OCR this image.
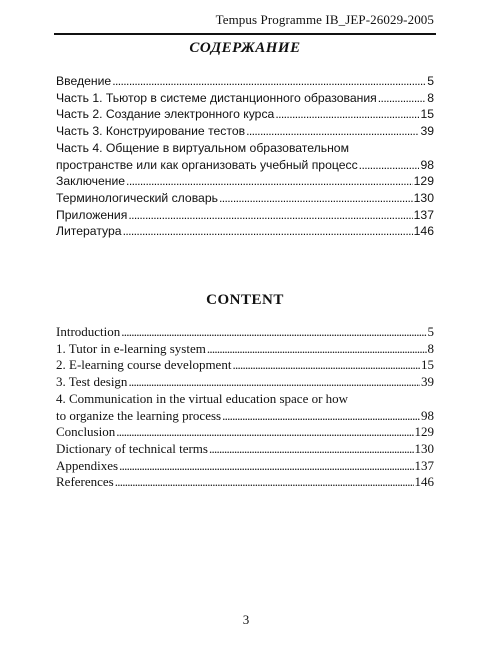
Tempus Programme IB_JEP-26029-2005
СОДЕРЖАНИЕ
Введение . . .	5
Часть 1. Тьютор в системе дистанционного образования . . .	8
Часть 2. Создание электронного курса . . .	15
Часть 3. Конструирование тестов . . .	39
Часть 4. Общение в виртуальном образовательном
пространстве или как организовать учебный процесс . . .	98
Заключение . . .	129
Терминологический словарь . . .	130
Приложения . . .	137
Литература . . .	146
CONTENT
Introduction . . .	5
1. Tutor in e-learning system . . .	8
2. E-learning course development . . .	15
3. Test design . . .	39
4. Communication in the virtual education space or how
to organize the learning process . . .	98
Conclusion . . .	129
Dictionary of technical terms . . .	130
Appendixes . . .	137
References . . .	146
3
